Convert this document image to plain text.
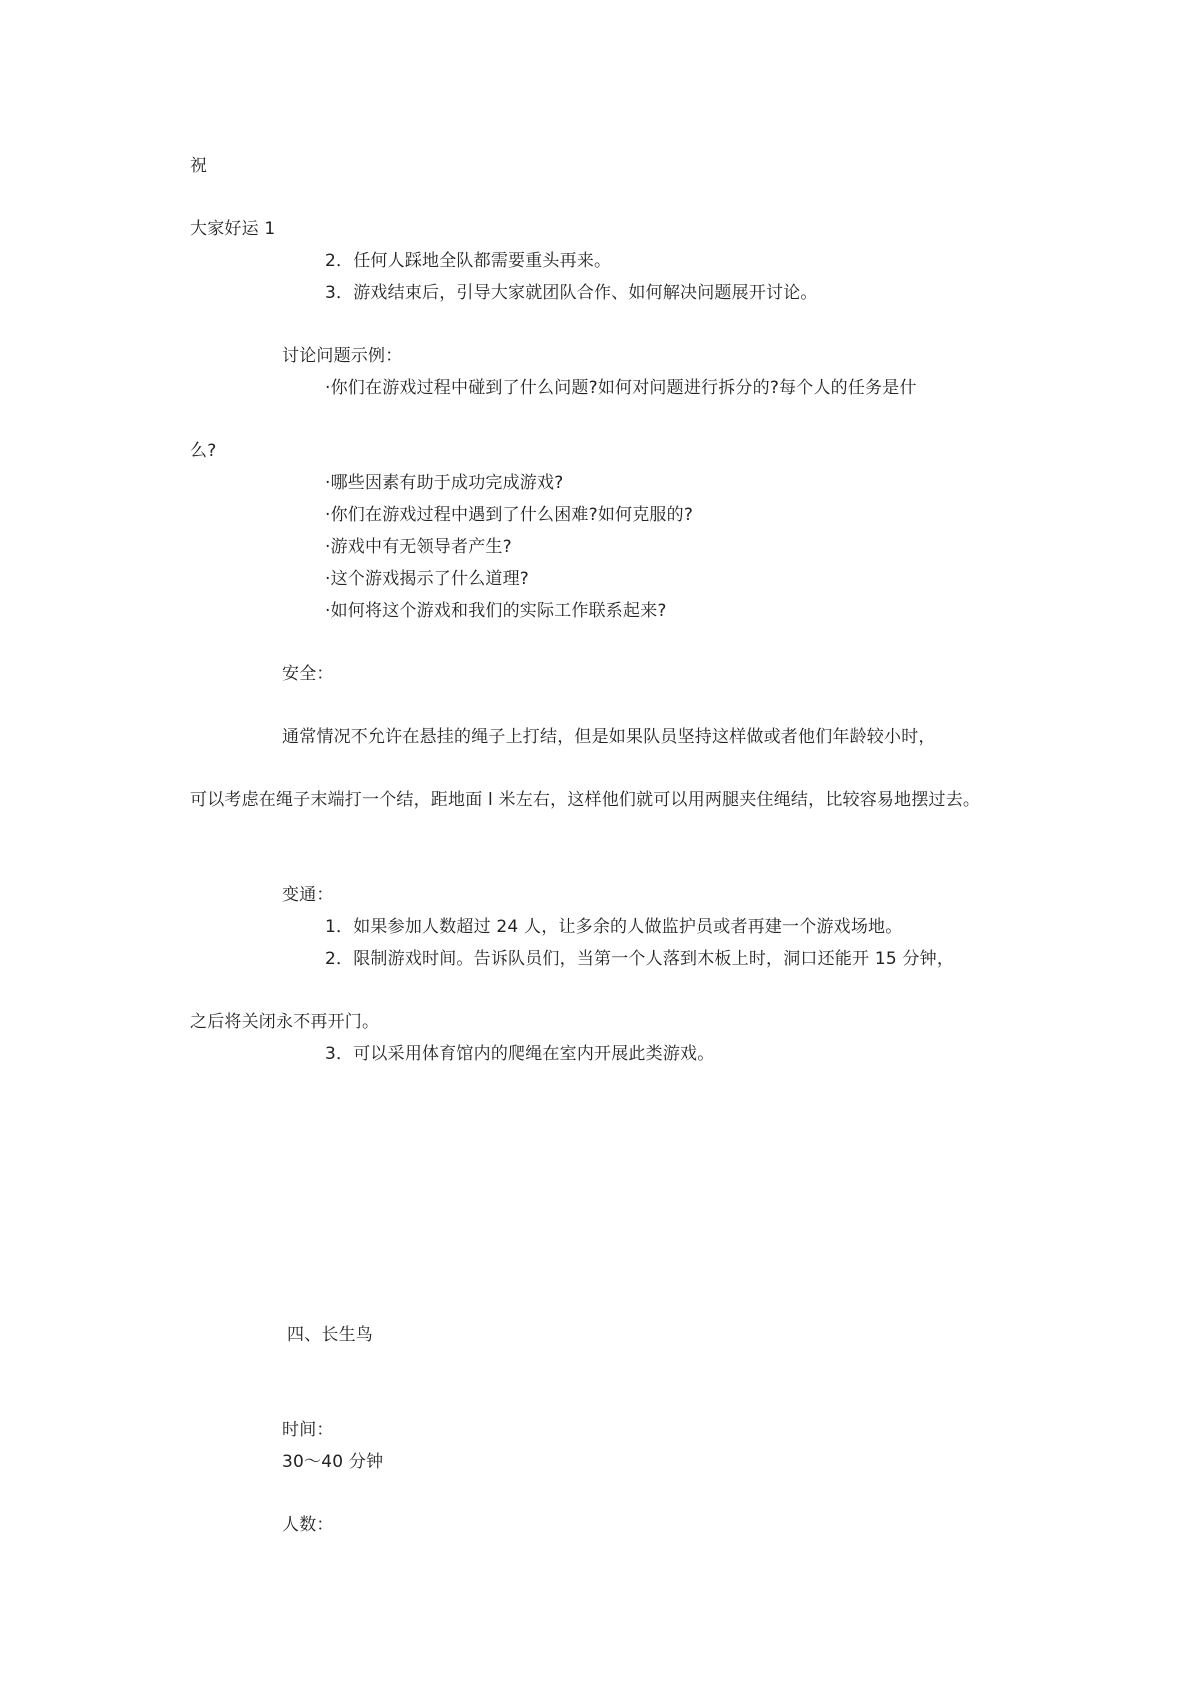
祝
大家好运 1
2．任何人踩地全队都需要重头再来。
3．游戏结束后，引导大家就团队合作、如何解决问题展开讨论。
讨论问题示例：
·你们在游戏过程中碰到了什么问题?如何对问题进行拆分的?每个人的任务是什
么?
·哪些因素有助于成功完成游戏?
·你们在游戏过程中遇到了什么困难?如何克服的?
·游戏中有无领导者产生?
·这个游戏揭示了什么道理?
·如何将这个游戏和我们的实际工作联系起来?
安全：
通常情况不允许在悬挂的绳子上打结，但是如果队员坚持这样做或者他们年龄较小时，
可以考虑在绳子末端打一个结，距地面 l 米左右，这样他们就可以用两腿夹住绳结，比较容易地摆过去。
变通：
1．如果参加人数超过 24 人，让多余的人做监护员或者再建一个游戏场地。
2．限制游戏时间。告诉队员们，当第一个人落到木板上时，洞口还能开 15 分钟，
之后将关闭永不再开门。
3．可以采用体育馆内的爬绳在室内开展此类游戏。
四、长生鸟
时间：
30～40 分钟
人数：
